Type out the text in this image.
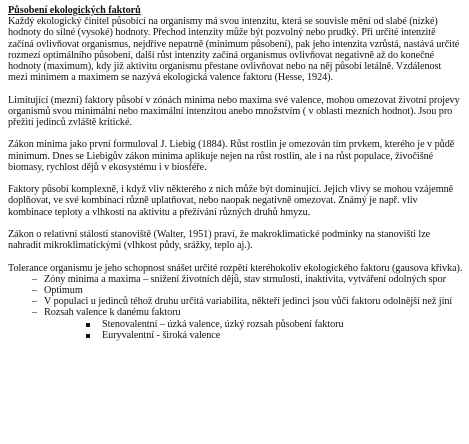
Působení ekologických faktorů

Každý ekologický činitel působící na organismy má svou intenzitu, která se souvisle mění od slabé (nízké) hodnoty do silné (vysoké) hodnoty. Přechod intenzity může být pozvolný nebo prudký. Při určité intenzitě začíná ovlivňovat organismus, nejdříve nepatrně (minimum působení), pak jeho intenzita vzrůstá, nastává určité rozmezí optimálního působení, další růst intenzity začíná organismus ovlivňovat negativně až do konečné hodnoty (maximum), kdy již aktivitu organismu přestane ovlivňovat nebo na něj působí letálně. Vzdálenost mezi minimem a maximem se nazývá ekologická valence faktoru (Hesse, 1924).

Limitující (mezní) faktory působí v zónách minima nebo maxima své valence, mohou omezovat životní projevy organismů svou minimální nebo maximální intenzitou anebo množstvím ( v oblasti mezních hodnot). Jsou pro přežití jedinců zvláště kritické.

Zákon minima jako první formuloval J. Liebig (1884). Růst rostlin je omezován tím prvkem, kterého je v půdě minimum. Dnes se Liebigův zákon minima aplikuje nejen na růst rostlin, ale i na růst populace, živočišné biomasy, rychlost dějů v ekosystému i v biosféře.

Faktory působí komplexně, i když vliv některého z nich může být dominující. Jejich vlivy se mohou vzájemně doplňovat, ve své kombinaci různě uplatňovat, nebo naopak negativně omezovat. Známý je např. vliv kombinace teploty a vlhkosti na aktivitu a přežívání různých druhů hmyzu.

Zákon o relativní stálosti stanoviště (Walter, 1951) praví, že makroklimatické podmínky na stanovišti lze nahradit mikroklimatickými (vlhkost půdy, srážky, teplo aj.).

Tolerance organismu je jeho schopnost snášet určité rozpětí kteréhokoliv ekologického faktoru (gausova křivka).

– Zóny minima a maxima – snížení životních dějů, stav strnulosti, inaktivita, vytváření odolných spor
– Optimum
– V populaci u jedinců téhož druhu určitá variabilita, někteří jedinci jsou vůči faktoru odolnější než jiní
– Rozsah valence k danému faktoru
Stenovalentní – úzká valence, úzký rozsah působení faktoru
Euryvalentní - široká valence
